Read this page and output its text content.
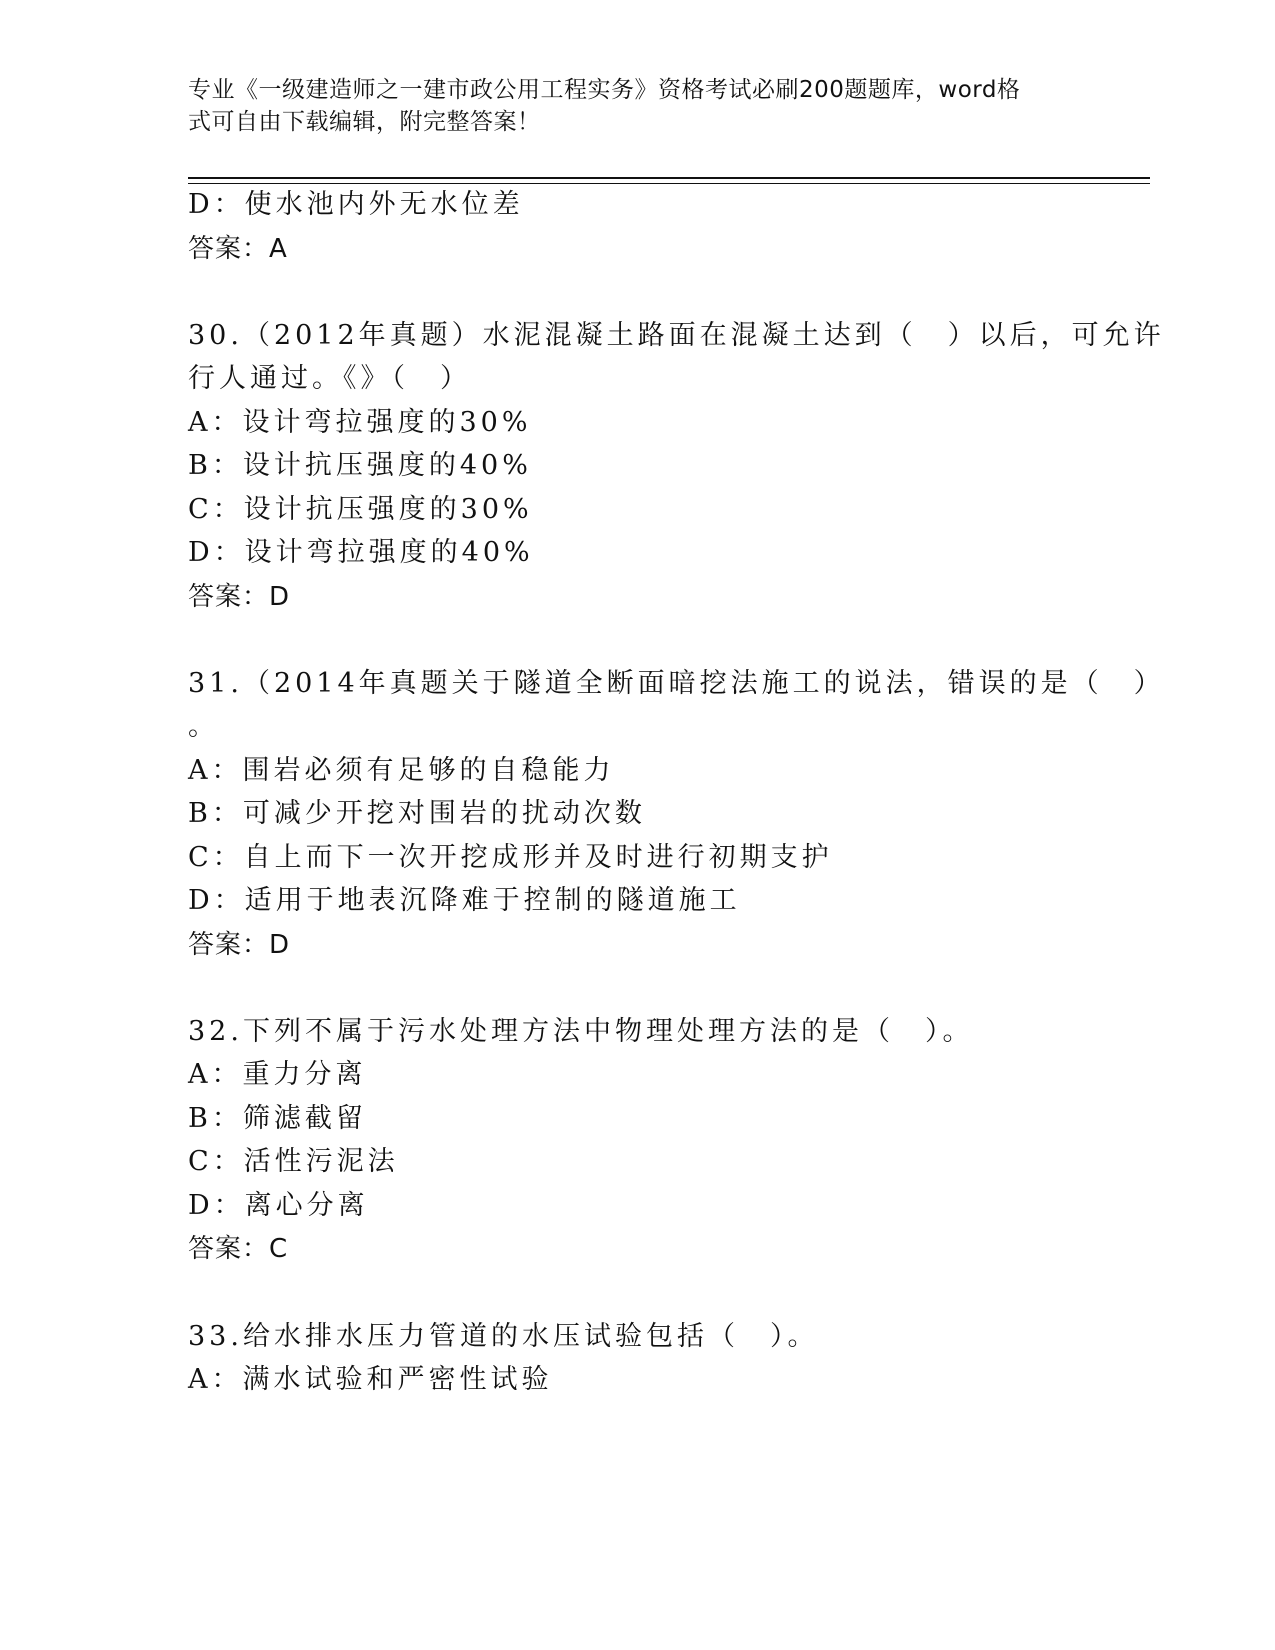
专业《一级建造师之一建市政公用工程实务》资格考试必刷200题题库，word格
式可自由下载编辑，附完整答案！
D：使水池内外无水位差
答案：A
30.（2012年真题）水泥混凝土路面在混凝土达到（　）以后，可允许
行人通过。《》（　）
A：设计弯拉强度的30%
B：设计抗压强度的40%
C：设计抗压强度的30%
D：设计弯拉强度的40%
答案：D
31.（2014年真题关于隧道全断面暗挖法施工的说法，错误的是（　）
。
A：围岩必须有足够的自稳能力
B：可减少开挖对围岩的扰动次数
C：自上而下一次开挖成形并及时进行初期支护
D：适用于地表沉降难于控制的隧道施工
答案：D
32.下列不属于污水处理方法中物理处理方法的是（　）。
A：重力分离
B：筛滤截留
C：活性污泥法
D：离心分离
答案：C
33.给水排水压力管道的水压试验包括（　）。
A：满水试验和严密性试验
